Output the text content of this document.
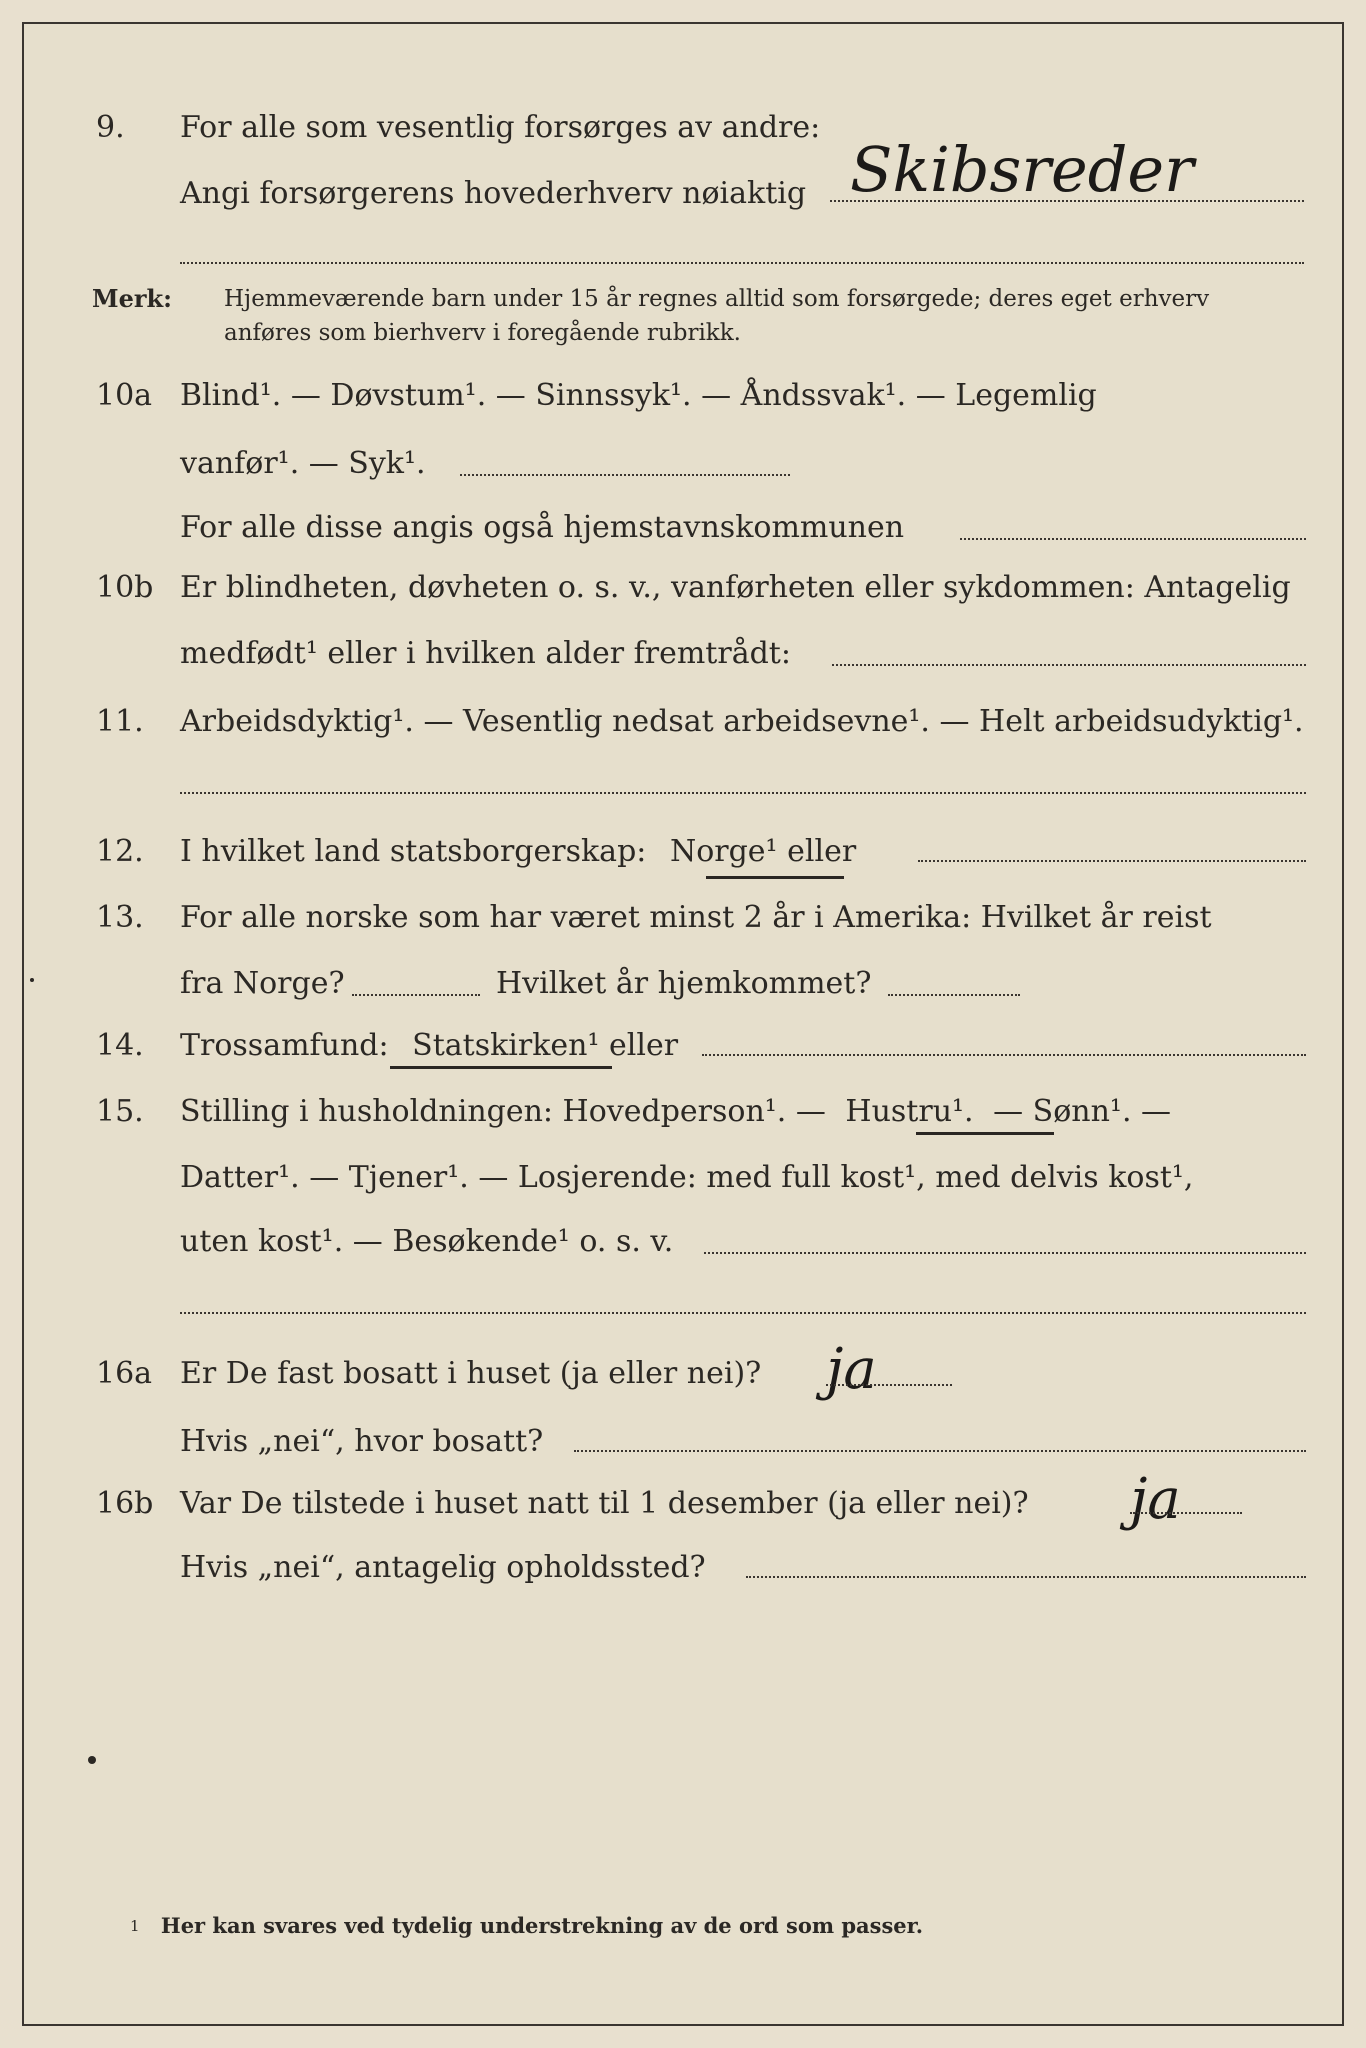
9. For alle som vesentlig forsørges av andre:
Angi forsørgerens hovederhverv nøiaktig Skibsreder
Merk: Hjemmeværende barn under 15 år regnes alltid som forsørgede; deres eget erhverv
anføres som bierhverv i foregående rubrikk.
10a Blind¹. — Døvstum¹. — Sinnssyk¹. — Åndssvak¹. — Legemlig
vanfør¹. — Syk¹.
For alle disse angis også hjemstavnskommunen
10b Er blindheten, døvheten o. s. v., vanførheten eller sykdommen: Antagelig
medfødt¹ eller i hvilken alder fremtrådt:
11. Arbeidsdyktig¹. — Vesentlig nedsat arbeidsevne¹. — Helt arbeidsudyktig¹.
12. I hvilket land statsborgerskap: Norge¹ eller
13. For alle norske som har været minst 2 år i Amerika: Hvilket år reist
fra Norge?	Hvilket år hjemkommet?
14. Trossamfund: Statskirken¹ eller
15. Stilling i husholdningen: Hovedperson¹. — Hustru¹. — Sønn¹. —
Datter¹. — Tjener¹. — Losjerende: med full kost¹, med delvis kost¹,
uten kost¹. — Besøkende¹ o. s. v.
16a Er De fast bosatt i huset (ja eller nei)? ja
Hvis „nei“, hvor bosatt?
16b Var De tilstede i huset natt til 1 desember (ja eller nei)? ja
Hvis „nei“, antagelig opholdssted?
$^1$ Her kan svares ved tydelig understrekning av de ord som passer.
